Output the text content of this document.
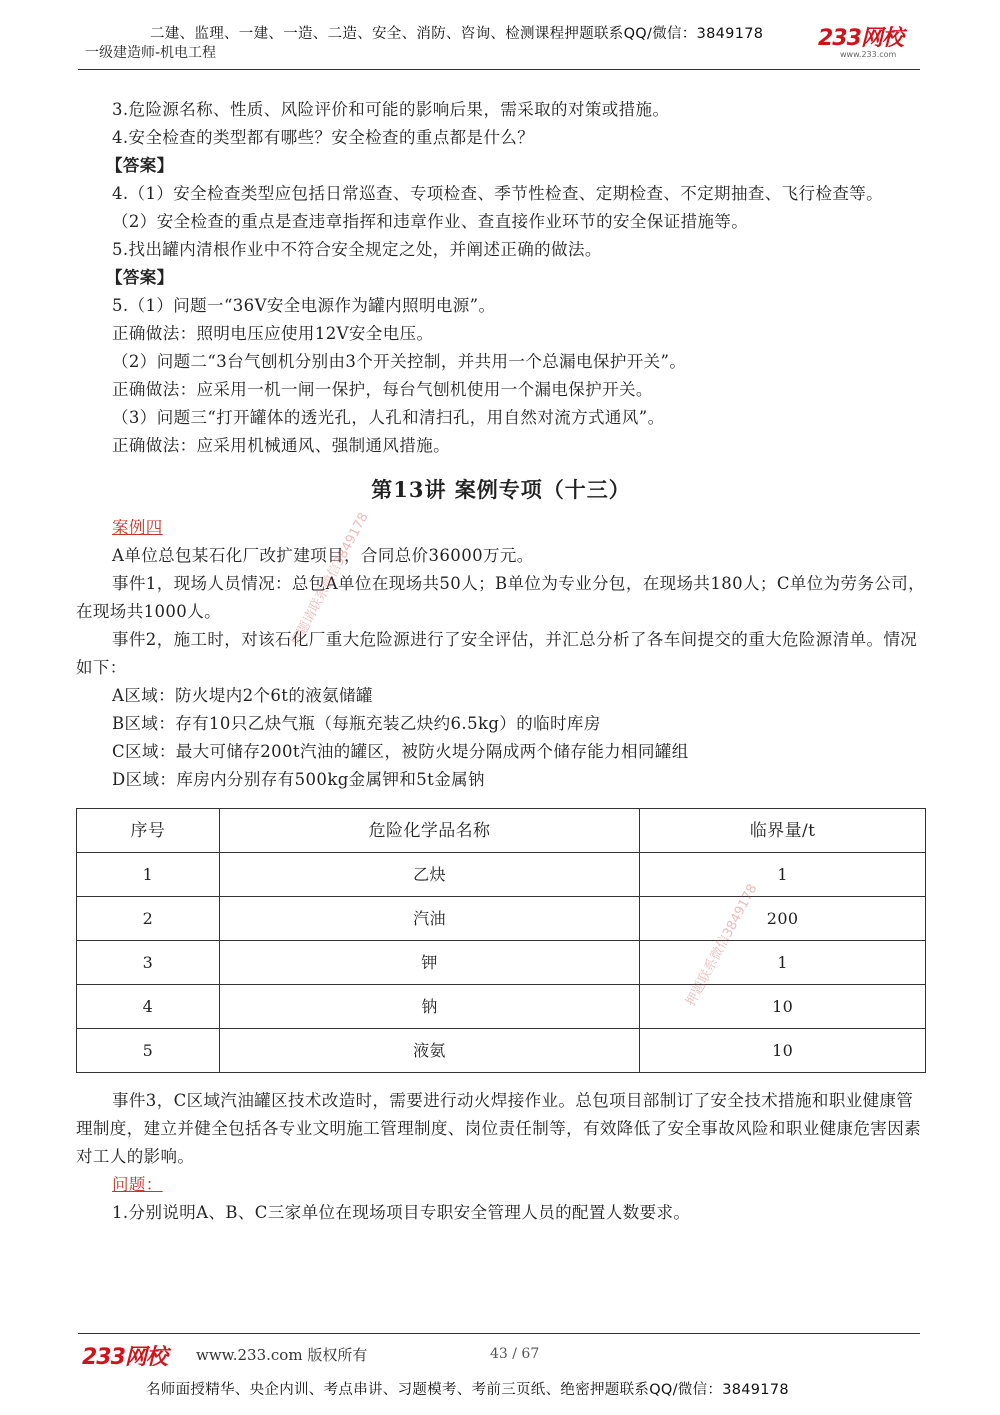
二建、监理、一建、一造、二造、安全、消防、咨询、检测课程押题联系QQ/微信：3849178
一级建造师-机电工程
233网校
www.233.com

3.危险源名称、性质、风险评价和可能的影响后果，需采取的对策或措施。

4.安全检查的类型都有哪些？安全检查的重点都是什么？

【答案】

4.（1）安全检查类型应包括日常巡查、专项检查、季节性检查、定期检查、不定期抽查、飞行检查等。

（2）安全检查的重点是查违章指挥和违章作业、查直接作业环节的安全保证措施等。

5.找出罐内清根作业中不符合安全规定之处，并阐述正确的做法。

【答案】

5.（1）问题一“36V安全电源作为罐内照明电源”。

正确做法：照明电压应使用12V安全电压。

（2）问题二“3台气刨机分别由3个开关控制，并共用一个总漏电保护开关”。

正确做法：应采用一机一闸一保护，每台气刨机使用一个漏电保护开关。

（3）问题三“打开罐体的透光孔，人孔和清扫孔，用自然对流方式通风”。

正确做法：应采用机械通风、强制通风措施。

第13讲 案例专项（十三）

案例四

A单位总包某石化厂改扩建项目，合同总价36000万元。

事件1，现场人员情况：总包A单位在现场共50人；B单位为专业分包，在现场共180人；C单位为劳务公司，在现场共1000人。

事件2，施工时，对该石化厂重大危险源进行了安全评估，并汇总分析了各车间提交的重大危险源清单。情况如下：

A区域：防火堤内2个6t的液氨储罐

B区域：存有10只乙炔气瓶（每瓶充装乙炔约6.5kg）的临时库房

C区域：最大可储存200t汽油的罐区，被防火堤分隔成两个储存能力相同罐组

D区域：库房内分别存有500kg金属钾和5t金属钠

序号	危险化学品名称	临界量/t
1	乙炔	1
2	汽油	200
3	钾	1
4	钠	10
5	液氨	10

事件3，C区域汽油罐区技术改造时，需要进行动火焊接作业。总包项目部制订了安全技术措施和职业健康管理制度，建立并健全包括各专业文明施工管理制度、岗位责任制等，有效降低了安全事故风险和职业健康危害因素对工人的影响。

问题：

1.分别说明A、B、C三家单位在现场项目专职安全管理人员的配置人数要求。

押题请联系微信3849178
押题联系微信3849178
233网校 www.233.com 版权所有	43 / 67
名师面授精华、央企内训、考点串讲、习题模考、考前三页纸、绝密押题联系QQ/微信：3849178
